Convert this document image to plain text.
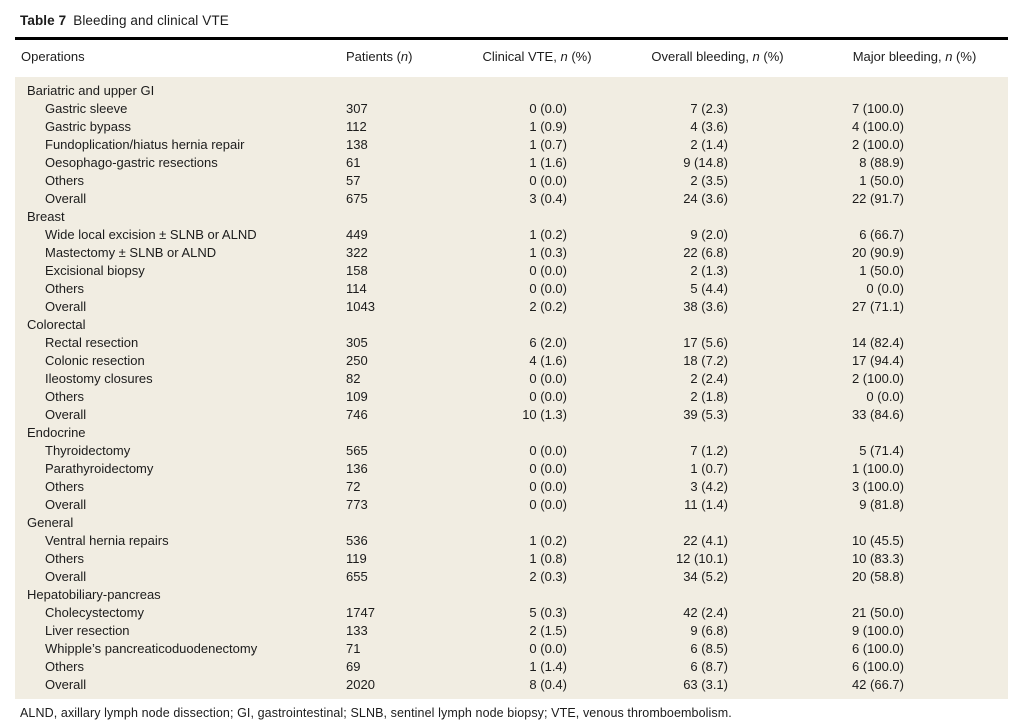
Table 7 Bleeding and clinical VTE
Operations	Patients (n)	Clinical VTE, n (%)	Overall bleeding, n (%)	Major bleeding, n (%)
Bariatric and upper GI				
Gastric sleeve	307	0 (0.0)	7 (2.3)	7 (100.0)
Gastric bypass	112	1 (0.9)	4 (3.6)	4 (100.0)
Fundoplication/hiatus hernia repair	138	1 (0.7)	2 (1.4)	2 (100.0)
Oesophago-gastric resections	61	1 (1.6)	9 (14.8)	8 (88.9)
Others	57	0 (0.0)	2 (3.5)	1 (50.0)
Overall	675	3 (0.4)	24 (3.6)	22 (91.7)
Breast				
Wide local excision ± SLNB or ALND	449	1 (0.2)	9 (2.0)	6 (66.7)
Mastectomy ± SLNB or ALND	322	1 (0.3)	22 (6.8)	20 (90.9)
Excisional biopsy	158	0 (0.0)	2 (1.3)	1 (50.0)
Others	114	0 (0.0)	5 (4.4)	0 (0.0)
Overall	1043	2 (0.2)	38 (3.6)	27 (71.1)
Colorectal				
Rectal resection	305	6 (2.0)	17 (5.6)	14 (82.4)
Colonic resection	250	4 (1.6)	18 (7.2)	17 (94.4)
Ileostomy closures	82	0 (0.0)	2 (2.4)	2 (100.0)
Others	109	0 (0.0)	2 (1.8)	0 (0.0)
Overall	746	10 (1.3)	39 (5.3)	33 (84.6)
Endocrine				
Thyroidectomy	565	0 (0.0)	7 (1.2)	5 (71.4)
Parathyroidectomy	136	0 (0.0)	1 (0.7)	1 (100.0)
Others	72	0 (0.0)	3 (4.2)	3 (100.0)
Overall	773	0 (0.0)	11 (1.4)	9 (81.8)
General				
Ventral hernia repairs	536	1 (0.2)	22 (4.1)	10 (45.5)
Others	119	1 (0.8)	12 (10.1)	10 (83.3)
Overall	655	2 (0.3)	34 (5.2)	20 (58.8)
Hepatobiliary-pancreas				
Cholecystectomy	1747	5 (0.3)	42 (2.4)	21 (50.0)
Liver resection	133	2 (1.5)	9 (6.8)	9 (100.0)
Whipple’s pancreaticoduodenectomy	71	0 (0.0)	6 (8.5)	6 (100.0)
Others	69	1 (1.4)	6 (8.7)	6 (100.0)
Overall	2020	8 (0.4)	63 (3.1)	42 (66.7)
ALND, axillary lymph node dissection; GI, gastrointestinal; SLNB, sentinel lymph node biopsy; VTE, venous thromboembolism.
